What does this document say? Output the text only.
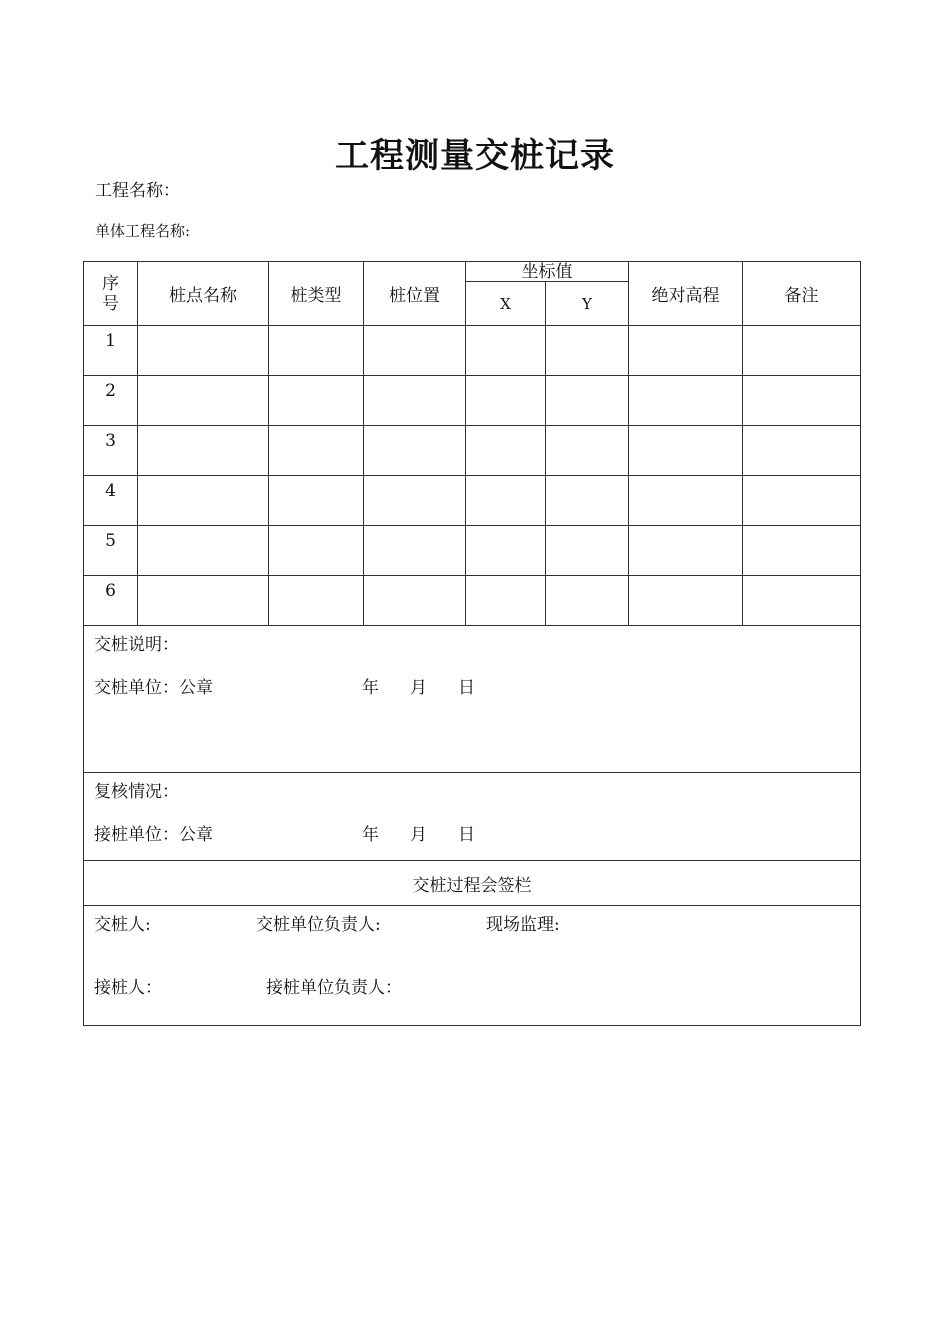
工程测量交桩记录
工程名称：
单体工程名称:
序
号	桩点名称	桩类型	桩位置	坐标值		绝对高程	备注
				X	Y		
1							
2							
3							
4							
5							
6							

交桩说明：
交桩单位：公章 年 月 日							

复核情况：
接桩单位：公章 年 月 日							

交桩过程会签栏							

交桩人: 交桩单位负责人: 现场监理:
接桩人： 接桩单位负责人：							
